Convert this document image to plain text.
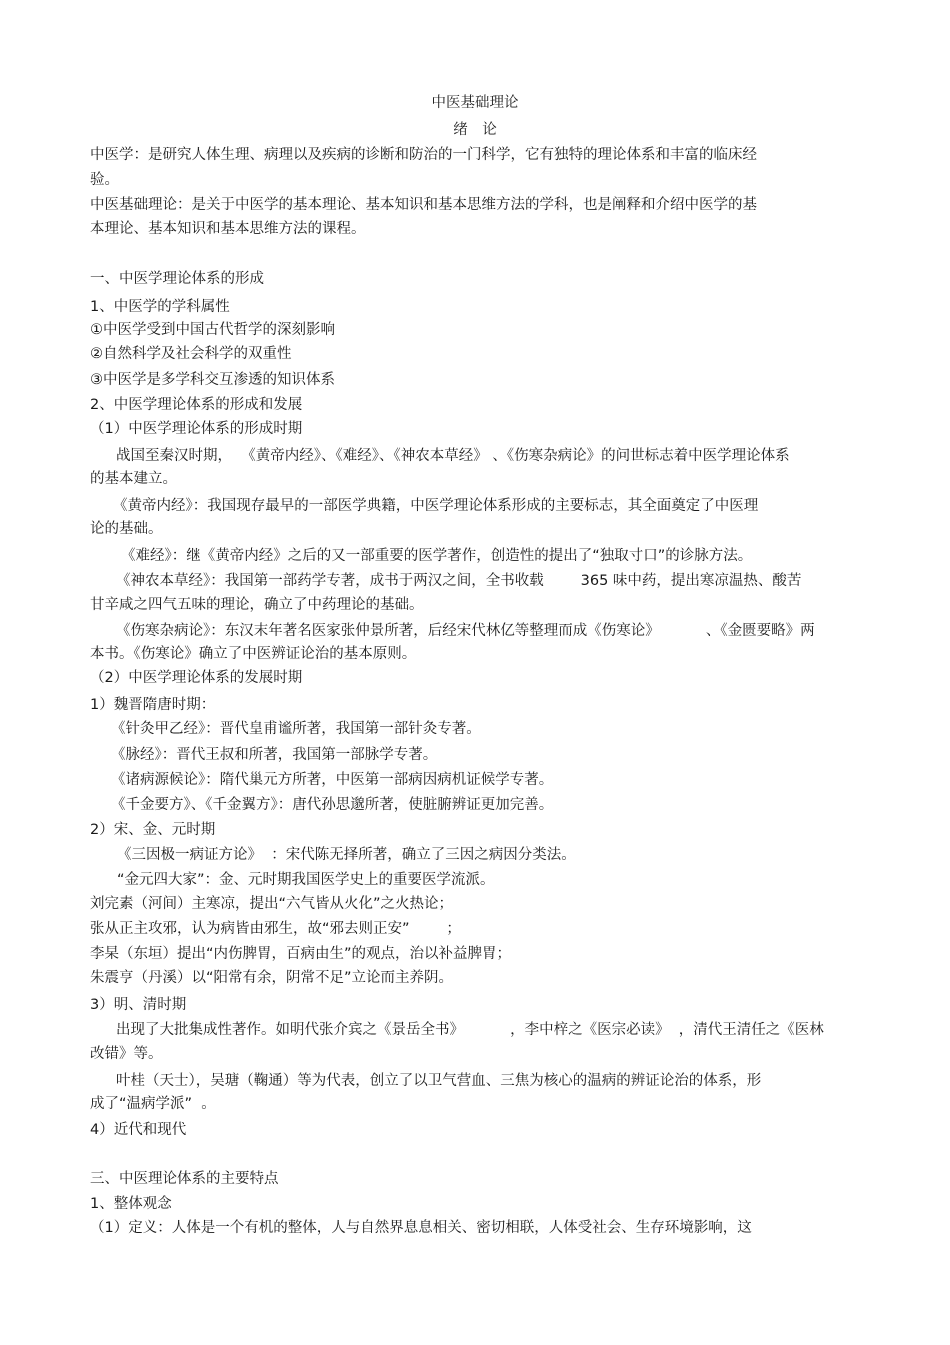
中医基础理论
绪　论
中医学：是研究人体生理、病理以及疾病的诊断和防治的一门科学，它有独特的理论体系和丰富的临床经
验。
中医基础理论：是关于中医学的基本理论、基本知识和基本思维方法的学科，也是阐释和介绍中医学的基
本理论、基本知识和基本思维方法的课程。
一、中医学理论体系的形成
1、中医学的学科属性
①中医学受到中国古代哲学的深刻影响
②自然科学及社会科学的双重性
③中医学是多学科交互渗透的知识体系
2、中医学理论体系的形成和发展
（1）中医学理论体系的形成时期
战国至秦汉时期，  《黄帝内经》、《难经》、《神农本草经》 、《伤寒杂病论》的问世标志着中医学理论体系
的基本建立。
《黄帝内经》：我国现存最早的一部医学典籍，中医学理论体系形成的主要标志，其全面奠定了中医理
论的基础。
《难经》：继《黄帝内经》之后的又一部重要的医学著作，创造性的提出了“独取寸口”的诊脉方法。
《神农本草经》：我国第一部药学专著，成书于两汉之间，全书收载        365 味中药，提出寒凉温热、酸苦
甘辛咸之四气五味的理论，确立了中药理论的基础。
《伤寒杂病论》：东汉末年著名医家张仲景所著，后经宋代林亿等整理而成《伤寒论》          、《金匮要略》两
本书。《伤寒论》确立了中医辨证论治的基本原则。
（2）中医学理论体系的发展时期
1）魏晋隋唐时期：
《针灸甲乙经》：晋代皇甫谧所著，我国第一部针灸专著。
《脉经》：晋代王叔和所著，我国第一部脉学专著。
《诸病源候论》：隋代巢元方所著，中医第一部病因病机证候学专著。
《千金要方》、《千金翼方》：唐代孙思邈所著，使脏腑辨证更加完善。
2）宋、金、元时期
《三因极一病证方论》  ：宋代陈无择所著，确立了三因之病因分类法。
“金元四大家”：金、元时期我国医学史上的重要医学流派。
刘完素（河间）主寒凉，提出“六气皆从火化”之火热论；
张从正主攻邪，认为病皆由邪生，故“邪去则正安”        ；
李杲（东垣）提出“内伤脾胃，百病由生”的观点，治以补益脾胃；
朱震亨（丹溪）以“阳常有余，阴常不足”立论而主养阴。
3）明、清时期
出现了大批集成性著作。如明代张介宾之《景岳全书》          ，李中梓之《医宗必读》  ，清代王清任之《医林
改错》等。
叶桂（天士），吴瑭（鞠通）等为代表，创立了以卫气营血、三焦为核心的温病的辨证论治的体系，形
成了“温病学派”  。
4）近代和现代
三、中医理论体系的主要特点
1、整体观念
（1）定义：人体是一个有机的整体，人与自然界息息相关、密切相联，人体受社会、生存环境影响，这
